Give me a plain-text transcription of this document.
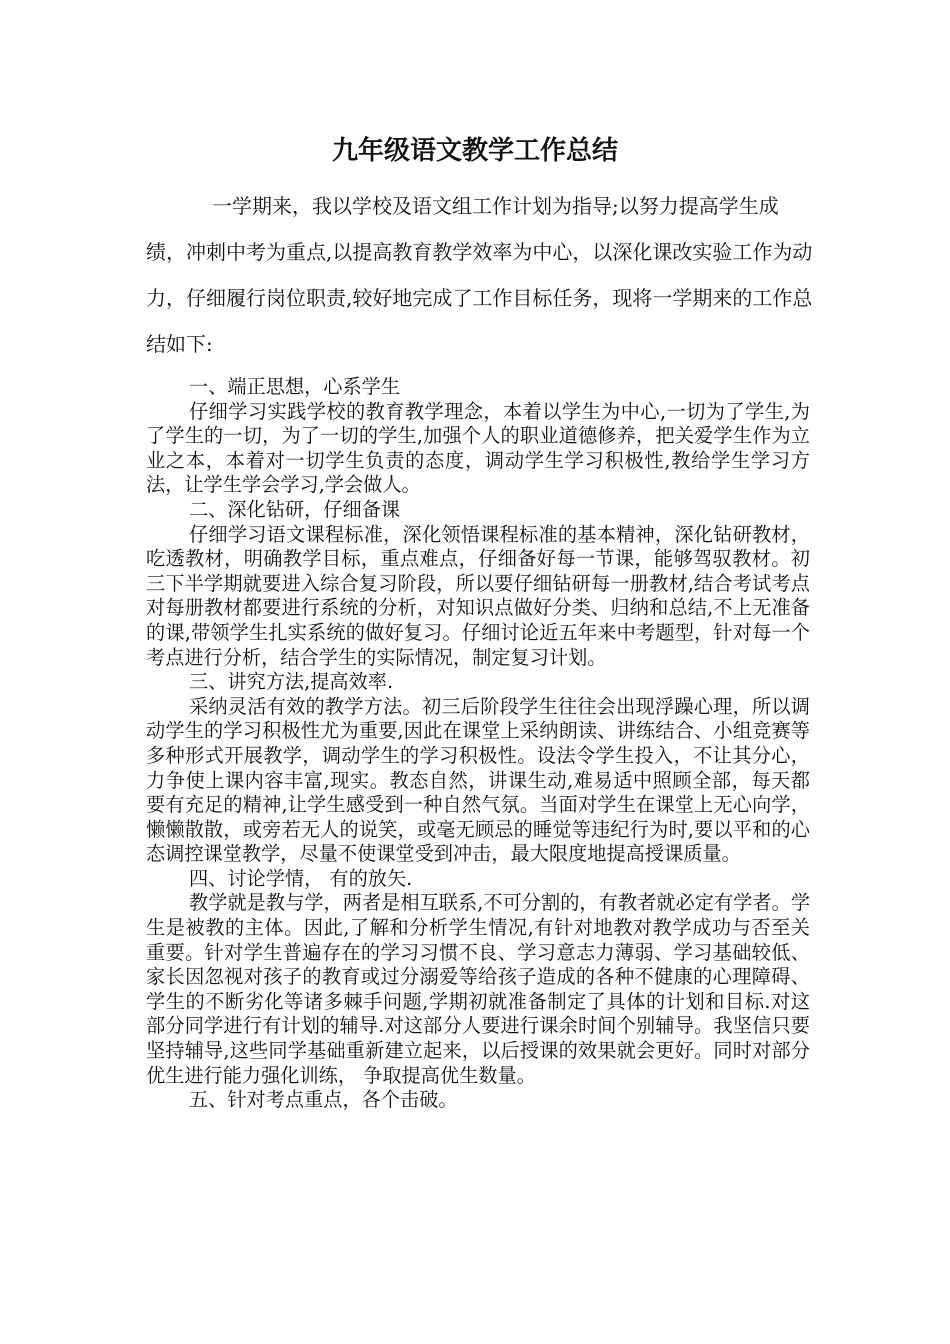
九年级语文教学工作总结

一学期来，我以学校及语文组工作计划为指导;以努力提高学生成绩，冲刺中考为重点,以提高教育教学效率为中心，以深化课改实验工作为动力，仔细履行岗位职责,较好地完成了工作目标任务，现将一学期来的工作总结如下:

一、端正思想，心系学生

仔细学习实践学校的教育教学理念，本着以学生为中心,一切为了学生,为了学生的一切，为了一切的学生,加强个人的职业道德修养，把关爱学生作为立业之本，本着对一切学生负责的态度，调动学生学习积极性,教给学生学习方法，让学生学会学习,学会做人。

二、深化钻研，仔细备课

仔细学习语文课程标准，深化领悟课程标准的基本精神，深化钻研教材，吃透教材，明确教学目标，重点难点，仔细备好每一节课，能够驾驭教材。初三下半学期就要进入综合复习阶段，所以要仔细钻研每一册教材,结合考试考点对每册教材都要进行系统的分析，对知识点做好分类、归纳和总结,不上无准备的课,带领学生扎实系统的做好复习。仔细讨论近五年来中考题型，针对每一个考点进行分析，结合学生的实际情况，制定复习计划。

三、讲究方法,提高效率.

采纳灵活有效的教学方法。初三后阶段学生往往会出现浮躁心理，所以调动学生的学习积极性尤为重要,因此在课堂上采纳朗读、讲练结合、小组竞赛等多种形式开展教学，调动学生的学习积极性。设法令学生投入，不让其分心，力争使上课内容丰富,现实。教态自然，讲课生动,难易适中照顾全部，每天都要有充足的精神,让学生感受到一种自然气氛。当面对学生在课堂上无心向学，懒懒散散，或旁若无人的说笑，或毫无顾忌的睡觉等违纪行为时,要以平和的心态调控课堂教学，尽量不使课堂受到冲击，最大限度地提高授课质量。

四、讨论学情， 有的放矢.

教学就是教与学，两者是相互联系,不可分割的，有教者就必定有学者。学生是被教的主体。因此,了解和分析学生情况,有针对地教对教学成功与否至关重要。针对学生普遍存在的学习习惯不良、学习意志力薄弱、学习基础较低、家长因忽视对孩子的教育或过分溺爱等给孩子造成的各种不健康的心理障碍、学生的不断劣化等诸多棘手问题,学期初就准备制定了具体的计划和目标.对这部分同学进行有计划的辅导.对这部分人要进行课余时间个别辅导。我坚信只要坚持辅导,这些同学基础重新建立起来，以后授课的效果就会更好。同时对部分优生进行能力强化训练， 争取提高优生数量。

五、针对考点重点，各个击破。
